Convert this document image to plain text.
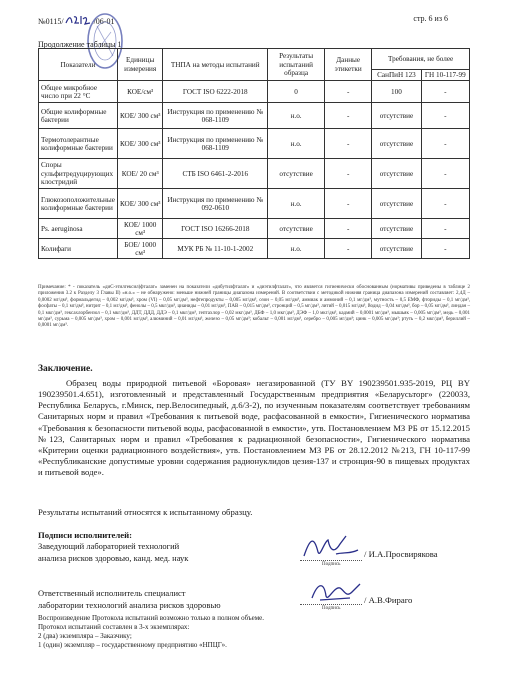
№0115/	/06-01	стр. 6 из 6
Продолжение таблицы 1
Показатели	Единицы измерения	ТНПА на методы испытаний	Результаты испытаний образца	Данные этикетки	Требования, не более	
					СанПиН 123	ГН 10-117-99
Общее микробное число при 22 °С	КОЕ/см³	ГОСТ ISO 6222-2018	0	-	100	-
Общие колиформные бактерии	КОЕ/ 300 см³	Инструкция по применению № 068-1109	н.о.	-	отсутствие	-
Термотолерантные колиформные бактерии	КОЕ/ 300 см³	Инструкция по применению № 068-1109	н.о.	-	отсутствие	-
Споры сульфитредуцирующих клостридий	КОЕ/ 20 см³	СТБ ISO 6461-2-2016	отсутствие	-	отсутствие	-
Глюкозоположительные колиформные бактерии	КОЕ/ 300 см³	Инструкция по применению № 092-0610	н.о.	-	отсутствие	-
Ps. aeruginosa	КОЕ/ 1000 см³	ГОСТ ISO 16266-2018	отсутствие	-	отсутствие	-
Колифаги	БОЕ/ 1000 см³	МУК РБ № 11-10-1-2002	н.о.	-	отсутствие	-
Примечание: * - показатель «диС-этилгексил)фталат» заменен на показатели «дибутилфталат» и «диэтилфталат», что является гигиенически обоснованным (нормативы приведены в таблице 2 приложения 3.2 к Разделу 3 Главы II) «н.о.» – не обнаружено: меньше нижней границы диапазона измерений. В соответствии с методикой нижняя граница диапазона измерений составляет: 2,4Д – 0,0002 мг/дм³, формальдегид – 0,002 мг/дм³, хром (VI) – 0,05 мг/дм³, нефтепродукты – 0,005 мг/дм³, озон – 0,05 мг/дм³, аммиак и аммоний – 0,1 мг/дм³, мутность – 0,5 ЕМФ, фториды – 0,1 мг/дм³, фосфаты – 0,1 мг/дм³, нитрит – 0,1 мг/дм³, фенолы – 0,5 мкг/дм³, цианиды – 0,01 мг/дм³, ПАВ – 0,015 мг/дм³, стронций – 0,5 мг/дм³, литий – 0,015 мг/дм³, йодид – 0,04 мг/дм³, бор – 0,05 мг/дм³, линдан – 0,1 мкг/дм³, гексахлорбензол – 0,1 мкг/дм³, ДДТ, ДДД, ДДЭ – 0,1 мкг/дм³, гептахлор – 0,02 мкг/дм³, ДБФ – 1,0 мкг/дм³, ДЭФ – 1,0 мкг/дм³, кадмий – 0,0001 мг/дм³, мышьяк – 0,005 мг/дм³, медь – 0,001 мг/дм³, сурьма – 0,005 мг/дм³, хром – 0,001 мг/дм³, алюминий – 0,01 мг/дм³, железо – 0,05 мг/дм³; кобальт – 0,001 мг/дм³, серебро – 0,005 мг/дм³; цинк – 0,005 мг/дм³; ртуть – 0,2 мкг/дм³, бериллий – 0,0001 мг/дм³.
Заключение.
Образец воды природной питьевой «Боровая» негазированной (ТУ BY 190239501.935-2019, РЦ BY 190239501.4.651), изготовленный и представленный Государственным предприятия «Беларусьторг» (220033, Республика Беларусь, г.Минск, пер.Велосипедный, д.6/3-2), по изученным показателям соответствует требованиям Санитарных норм и правил «Требования к питьевой воде, расфасованной в емкости», Гигиенического норматива «Требования к безопасности питьевой воды, расфасованной в емкости», утв. Постановлением МЗ РБ от 15.12.2015 №123, Санитарных норм и правил «Требования к радиационной безопасности», Гигиенического норматива «Критерии оценки радиационного воздействия», утв. Постановлением МЗ РБ от 28.12.2012 №213, ГН 10-117-99 «Республиканские допустимые уровни содержания радионуклидов цезия-137 и стронция-90 в пищевых продуктах и питьевой воде».
Результаты испытаний относятся к испытанному образцу.
Подписи исполнителей:
Заведующий лабораторией технологий
анализа рисков здоровью, канд. мед. наук
Подпись
/ И.А.Просвирякова
Ответственный исполнитель специалист
лаборатории технологий анализа рисков здоровью	Подпись
/ А.В.Фираго
Воспроизведение Протокола испытаний возможно только в полном объеме.
Протокол испытаний составлен в 3-х экземплярах:
2 (два) экземпляра – Заказчику;
1 (один) экземпляр – государственному предприятию «НПЦГ».
